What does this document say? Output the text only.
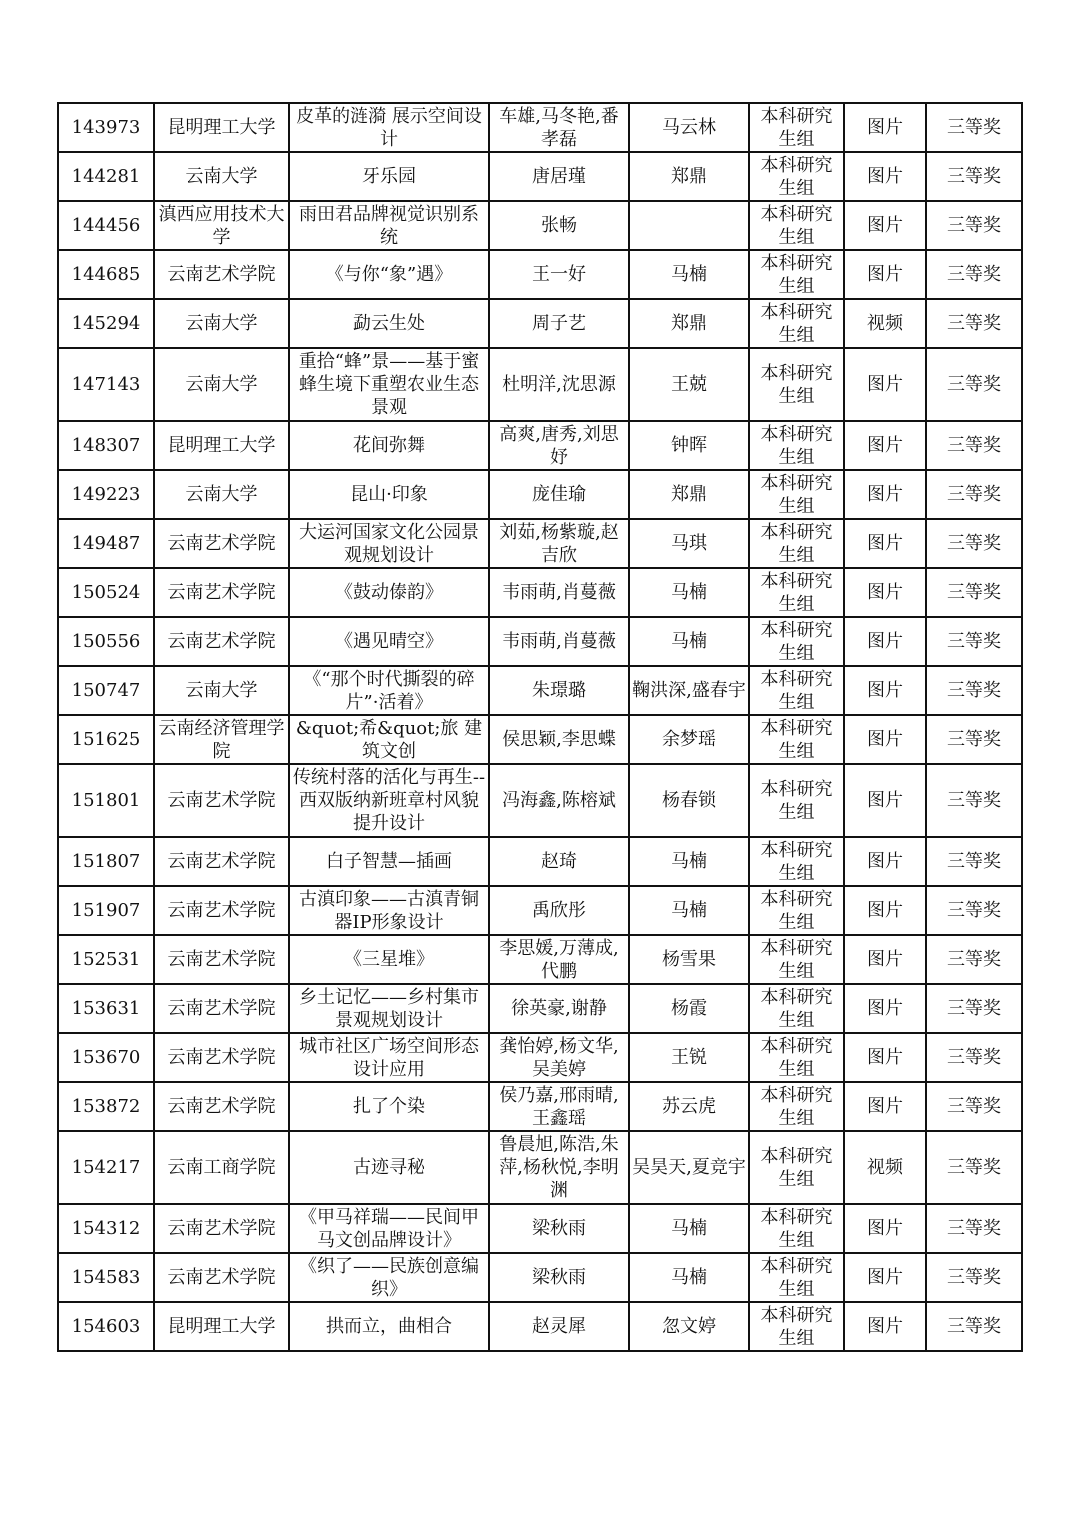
143973	昆明理工大学	皮革的涟漪 展示空间设计	车雄,马冬艳,番孝磊	马云林	本科研究生组	图片	三等奖
144281	云南大学	牙乐园	唐居瑾	郑鼎	本科研究生组	图片	三等奖
144456	滇西应用技术大学	雨田君品牌视觉识别系统	张畅		本科研究生组	图片	三等奖
144685	云南艺术学院	《与你“象”遇》	王一好	马楠	本科研究生组	图片	三等奖
145294	云南大学	勐云生处	周子艺	郑鼎	本科研究生组	视频	三等奖
147143	云南大学	重拾“蜂”景——基于蜜蜂生境下重塑农业生态景观	杜明洋,沈思源	王兢	本科研究生组	图片	三等奖
148307	昆明理工大学	花间弥舞	高爽,唐秀,刘思妤	钟晖	本科研究生组	图片	三等奖
149223	云南大学	昆山·印象	庞佳瑜	郑鼎	本科研究生组	图片	三等奖
149487	云南艺术学院	大运河国家文化公园景观规划设计	刘茹,杨紫璇,赵吉欣	马琪	本科研究生组	图片	三等奖
150524	云南艺术学院	《鼓动傣韵》	韦雨萌,肖蔓薇	马楠	本科研究生组	图片	三等奖
150556	云南艺术学院	《遇见晴空》	韦雨萌,肖蔓薇	马楠	本科研究生组	图片	三等奖
150747	云南大学	《“那个时代撕裂的碎片”·活着》	朱璟璐	鞠洪深,盛春宇	本科研究生组	图片	三等奖
151625	云南经济管理学院	&quot;希&quot;旅 建筑文创	侯思颖,李思蝶	余梦瑶	本科研究生组	图片	三等奖
151801	云南艺术学院	传统村落的活化与再生--西双版纳新班章村风貌提升设计	冯海鑫,陈榕斌	杨春锁	本科研究生组	图片	三等奖
151807	云南艺术学院	白子智慧—插画	赵琦	马楠	本科研究生组	图片	三等奖
151907	云南艺术学院	古滇印象——古滇青铜器IP形象设计	禹欣彤	马楠	本科研究生组	图片	三等奖
152531	云南艺术学院	《三星堆》	李思媛,万薄成,代鹏	杨雪果	本科研究生组	图片	三等奖
153631	云南艺术学院	乡土记忆——乡村集市景观规划设计	徐英豪,谢静	杨霞	本科研究生组	图片	三等奖
153670	云南艺术学院	城市社区广场空间形态设计应用	龚怡婷,杨文华,吴美婷	王锐	本科研究生组	图片	三等奖
153872	云南艺术学院	扎了个染	侯乃嘉,邢雨晴,王鑫瑶	苏云虎	本科研究生组	图片	三等奖
154217	云南工商学院	古迹寻秘	鲁晨旭,陈浩,朱萍,杨秋悦,李明渊	吴昊天,夏竞宇	本科研究生组	视频	三等奖
154312	云南艺术学院	《甲马祥瑞——民间甲马文创品牌设计》	梁秋雨	马楠	本科研究生组	图片	三等奖
154583	云南艺术学院	《织了——民族创意编织》	梁秋雨	马楠	本科研究生组	图片	三等奖
154603	昆明理工大学	拱而立，曲相合	赵灵犀	忽文婷	本科研究生组	图片	三等奖
